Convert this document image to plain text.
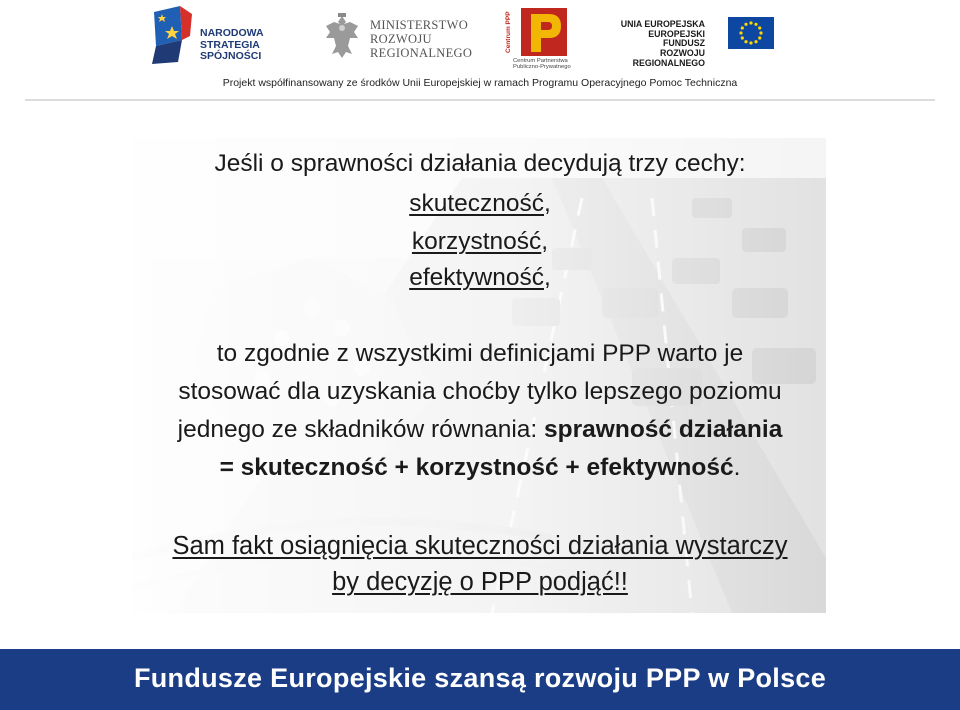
NARODOWA
STRATEGIA SPÓJNOŚCI
MINISTERSTWO
ROZWOJU
REGIONALNEGO
Centrum PPP
Centrum Partnerstwa
Publiczno-Prywatnego
UNIA EUROPEJSKA
EUROPEJSKI FUNDUSZ
ROZWOJU REGIONALNEGO
Projekt współfinansowany ze środków Unii Europejskiej w ramach Programu Operacyjnego Pomoc Techniczna
Jeśli o sprawności działania decydują trzy cechy:
skuteczność,
korzystność,
efektywność,
to zgodnie z wszystkimi definicjami PPP warto je
stosować dla uzyskania choćby tylko lepszego poziomu
jednego ze składników równania: sprawność działania
= skuteczność + korzystność + efektywność.
Sam fakt osiągnięcia skuteczności działania wystarczy
by decyzję o PPP podjąć!!
Fundusze Europejskie szansą rozwoju PPP w Polsce
